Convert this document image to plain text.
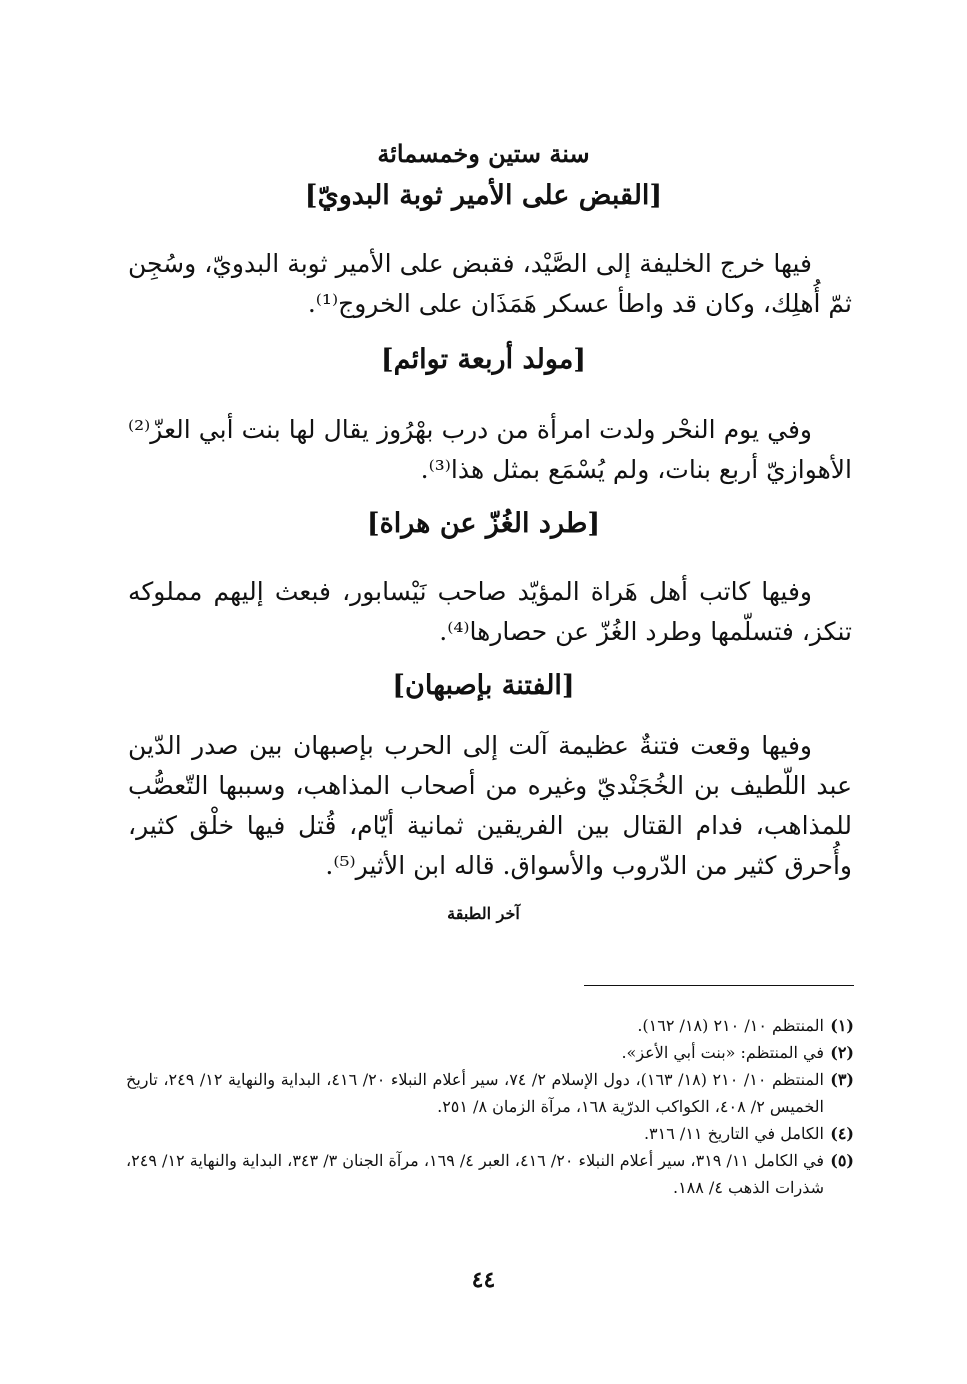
سنة ستين وخمسمائة
[القبض على الأمير ثوبة البدويّ]

فيها خرج الخليفة إلى الصَّيْد، فقبض على الأمير ثوبة البدويّ، وسُجِن ثمّ أُهلِك، وكان قد واطأ عسكر هَمَذَان على الخروج⁽¹⁾.

[مولد أربعة توائم]

وفي يوم النحْر ولدت امرأة من درب بهْرُوز يقال لها بنت أبي العزّ⁽²⁾ الأهوازيّ أربع بنات، ولم يُسْمَع بمثل هذا⁽³⁾.

[طرد الغُزّ عن هراة]

وفيها كاتب أهل هَراة المؤيّد صاحب نَيْسابور، فبعث إليهم مملوكه تنكز، فتسلّمها وطرد الغُزّ عن حصارها⁽⁴⁾.

[الفتنة بإصبهان]

وفيها وقعت فتنةٌ عظيمة آلت إلى الحرب بإصبهان بين صدر الدّين عبد اللّطيف بن الخُجَنْديّ وغيره من أصحاب المذاهب، وسببها التّعصُّب للمذاهب، فدام القتال بين الفريقين ثمانية أيّام، قُتل فيها خلْق كثير، وأُحرق كثير من الدّروب والأسواق. قاله ابن الأثير⁽⁵⁾.

آخر الطبقة
(١)
المنتظم ١٠/ ٢١٠ (١٨/ ١٦٢).
(٢)
في المنتظم: «بنت أبي الأعز».
(٣)
المنتظم ١٠/ ٢١٠ (١٨/ ١٦٣)، دول الإسلام ٢/ ٧٤، سير أعلام النبلاء ٢٠/ ٤١٦، البداية والنهاية ١٢/ ٢٤٩، تاريخ الخميس ٢/ ٤٠٨، الكواكب الدرّية ١٦٨، مرآة الزمان ٨/ ٢٥١.
(٤)
الكامل في التاريخ ١١/ ٣١٦.
(٥)
في الكامل ١١/ ٣١٩، سير أعلام النبلاء ٢٠/ ٤١٦، العبر ٤/ ١٦٩، مرآة الجنان ٣/ ٣٤٣، البداية والنهاية ١٢/ ٢٤٩، شذرات الذهب ٤/ ١٨٨.
٤٤
